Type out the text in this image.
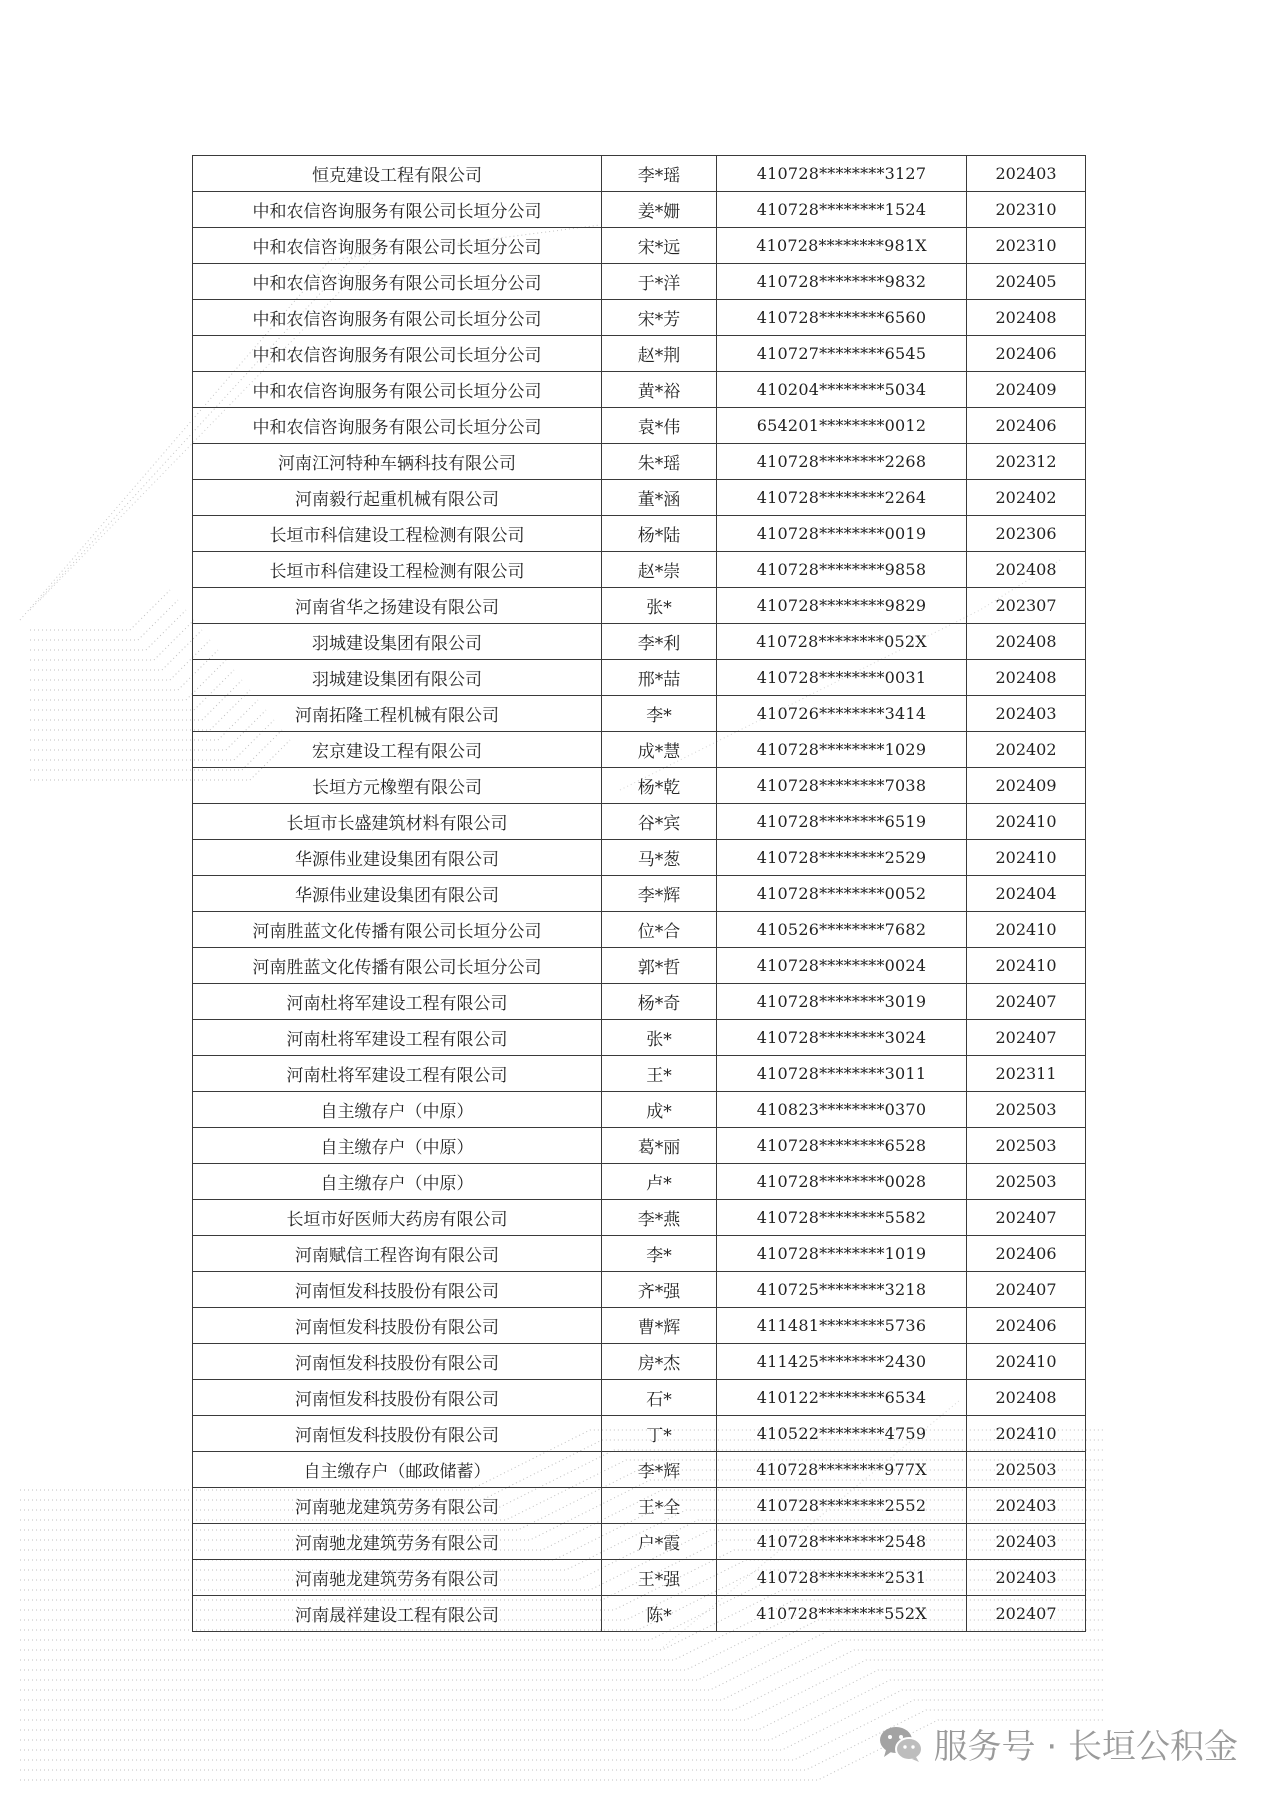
恒克建设工程有限公司	李*瑶	410728********3127	202403
中和农信咨询服务有限公司长垣分公司	姜*姗	410728********1524	202310
中和农信咨询服务有限公司长垣分公司	宋*远	410728********981X	202310
中和农信咨询服务有限公司长垣分公司	于*洋	410728********9832	202405
中和农信咨询服务有限公司长垣分公司	宋*芳	410728********6560	202408
中和农信咨询服务有限公司长垣分公司	赵*荆	410727********6545	202406
中和农信咨询服务有限公司长垣分公司	黄*裕	410204********5034	202409
中和农信咨询服务有限公司长垣分公司	袁*伟	654201********0012	202406
河南江河特种车辆科技有限公司	朱*瑶	410728********2268	202312
河南毅行起重机械有限公司	董*涵	410728********2264	202402
长垣市科信建设工程检测有限公司	杨*陆	410728********0019	202306
长垣市科信建设工程检测有限公司	赵*崇	410728********9858	202408
河南省华之扬建设有限公司	张*	410728********9829	202307
羽城建设集团有限公司	李*利	410728********052X	202408
羽城建设集团有限公司	邢*喆	410728********0031	202408
河南拓隆工程机械有限公司	李*	410726********3414	202403
宏京建设工程有限公司	成*慧	410728********1029	202402
长垣方元橡塑有限公司	杨*乾	410728********7038	202409
长垣市长盛建筑材料有限公司	谷*宾	410728********6519	202410
华源伟业建设集团有限公司	马*葱	410728********2529	202410
华源伟业建设集团有限公司	李*辉	410728********0052	202404
河南胜蓝文化传播有限公司长垣分公司	位*合	410526********7682	202410
河南胜蓝文化传播有限公司长垣分公司	郭*哲	410728********0024	202410
河南杜将军建设工程有限公司	杨*奇	410728********3019	202407
河南杜将军建设工程有限公司	张*	410728********3024	202407
河南杜将军建设工程有限公司	王*	410728********3011	202311
自主缴存户（中原）	成*	410823********0370	202503
自主缴存户（中原）	葛*丽	410728********6528	202503
自主缴存户（中原）	卢*	410728********0028	202503
长垣市好医师大药房有限公司	李*燕	410728********5582	202407
河南赋信工程咨询有限公司	李*	410728********1019	202406
河南恒发科技股份有限公司	齐*强	410725********3218	202407
河南恒发科技股份有限公司	曹*辉	411481********5736	202406
河南恒发科技股份有限公司	房*杰	411425********2430	202410
河南恒发科技股份有限公司	石*	410122********6534	202408
河南恒发科技股份有限公司	丁*	410522********4759	202410
自主缴存户（邮政储蓄）	李*辉	410728********977X	202503
河南驰龙建筑劳务有限公司	王*全	410728********2552	202403
河南驰龙建筑劳务有限公司	户*霞	410728********2548	202403
河南驰龙建筑劳务有限公司	王*强	410728********2531	202403
河南晟祥建设工程有限公司	陈*	410728********552X	202407
服务号 · 长垣公积金
